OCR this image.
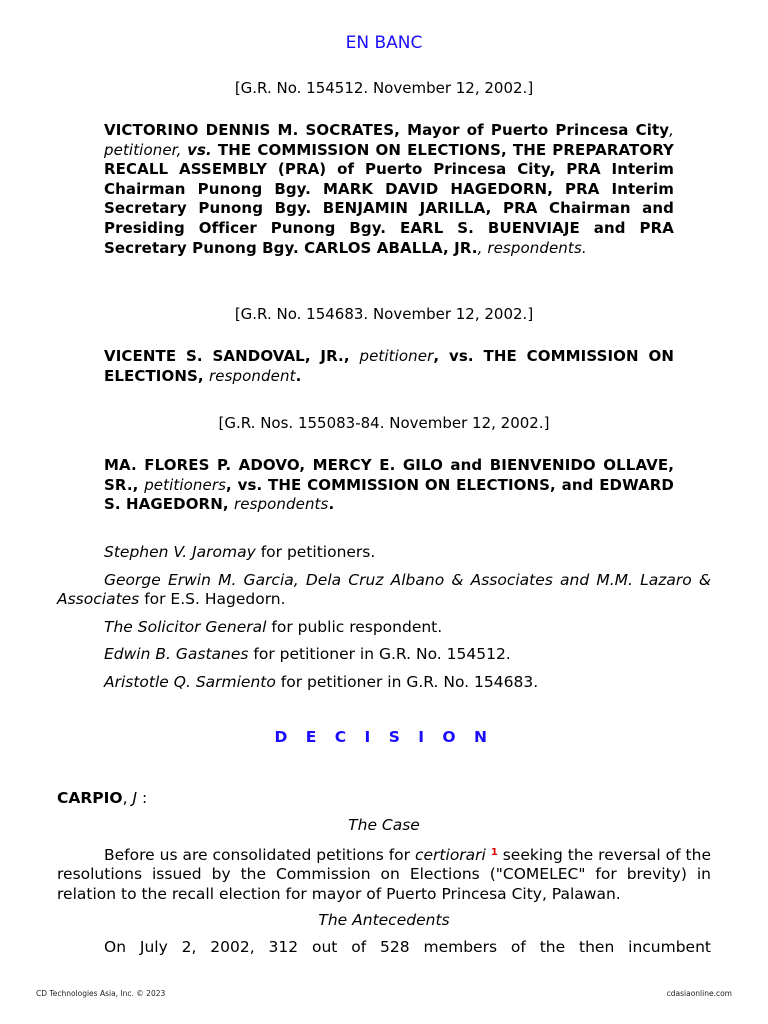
EN BANC
[G.R. No. 154512. November 12, 2002.]
VICTORINO DENNIS M. SOCRATES, Mayor of Puerto Princesa City, petitioner, vs. THE COMMISSION ON ELECTIONS, THE PREPARATORY RECALL ASSEMBLY (PRA) of Puerto Princesa City, PRA Interim Chairman Punong Bgy. MARK DAVID HAGEDORN, PRA Interim Secretary Punong Bgy. BENJAMIN JARILLA, PRA Chairman and Presiding Officer Punong Bgy. EARL S. BUENVIAJE and PRA Secretary Punong Bgy. CARLOS ABALLA, JR., respondents.
[G.R. No. 154683. November 12, 2002.]
VICENTE S. SANDOVAL, JR., petitioner, vs. THE COMMISSION ON ELECTIONS, respondent.
[G.R. Nos. 155083-84. November 12, 2002.]
MA. FLORES P. ADOVO, MERCY E. GILO and BIENVENIDO OLLAVE, SR., petitioners, vs. THE COMMISSION ON ELECTIONS, and EDWARD S. HAGEDORN, respondents.

Stephen V. Jaromay for petitioners.

George Erwin M. Garcia, Dela Cruz Albano & Associates and M.M. Lazaro & Associates for E.S. Hagedorn.

The Solicitor General for public respondent.

Edwin B. Gastanes for petitioner in G.R. No. 154512.

Aristotle Q. Sarmiento for petitioner in G.R. No. 154683.

D E C I S I O N
CARPIO, J :

The Case

Before us are consolidated petitions for certiorari $^1$ seeking the reversal of the resolutions issued by the Commission on Elections ("COMELEC" for brevity) in relation to the recall election for mayor of Puerto Princesa City, Palawan.

The Antecedents

On July 2, 2002, 312 out of 528 members of the then incumbent

CD Technologies Asia, Inc. © 2023	cdasiaonline.com
